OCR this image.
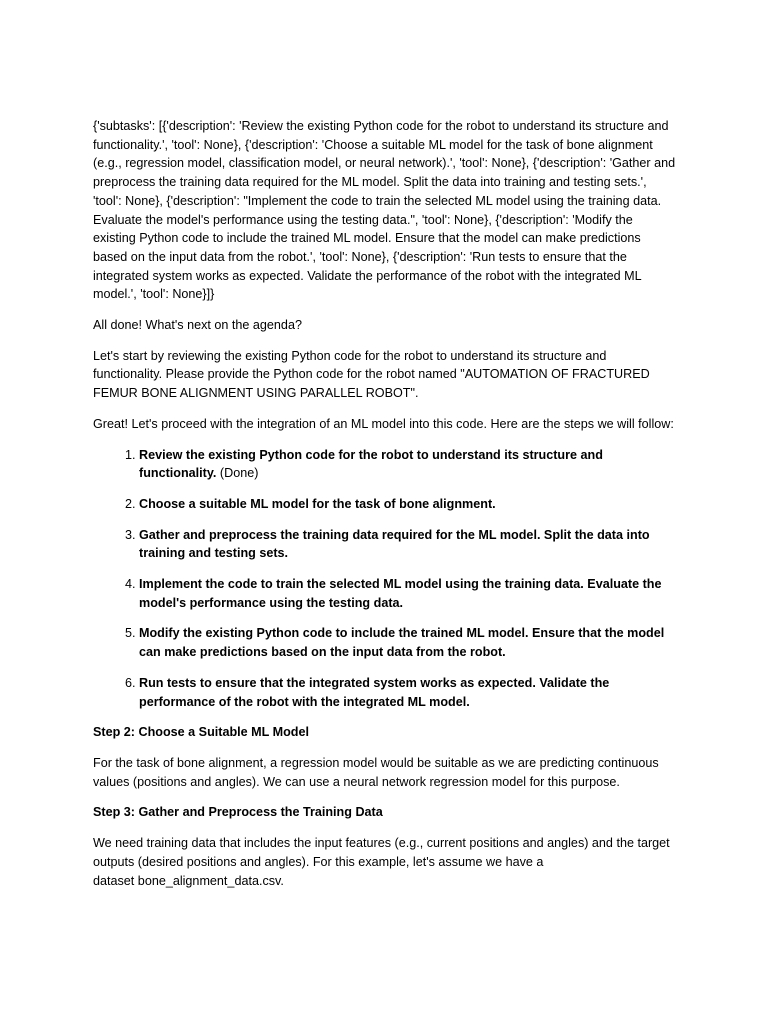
{'subtasks': [{'description': 'Review the existing Python code for the robot to understand its structure and functionality.', 'tool': None}, {'description': 'Choose a suitable ML model for the task of bone alignment (e.g., regression model, classification model, or neural network).', 'tool': None}, {'description': 'Gather and preprocess the training data required for the ML model. Split the data into training and testing sets.', 'tool': None}, {'description': "Implement the code to train the selected ML model using the training data. Evaluate the model's performance using the testing data.", 'tool': None}, {'description': 'Modify the existing Python code to include the trained ML model. Ensure that the model can make predictions based on the input data from the robot.', 'tool': None}, {'description': 'Run tests to ensure that the integrated system works as expected. Validate the performance of the robot with the integrated ML model.', 'tool': None}]}

All done! What's next on the agenda?

Let's start by reviewing the existing Python code for the robot to understand its structure and functionality. Please provide the Python code for the robot named "AUTOMATION OF FRACTURED FEMUR BONE ALIGNMENT USING PARALLEL ROBOT".

Great! Let's proceed with the integration of an ML model into this code. Here are the steps we will follow:

1. Review the existing Python code for the robot to understand its structure and functionality. (Done)
2. Choose a suitable ML model for the task of bone alignment.
3. Gather and preprocess the training data required for the ML model. Split the data into training and testing sets.
4. Implement the code to train the selected ML model using the training data. Evaluate the model's performance using the testing data.
5. Modify the existing Python code to include the trained ML model. Ensure that the model can make predictions based on the input data from the robot.
6. Run tests to ensure that the integrated system works as expected. Validate the performance of the robot with the integrated ML model.

Step 2: Choose a Suitable ML Model

For the task of bone alignment, a regression model would be suitable as we are predicting continuous values (positions and angles). We can use a neural network regression model for this purpose.

Step 3: Gather and Preprocess the Training Data

We need training data that includes the input features (e.g., current positions and angles) and the target outputs (desired positions and angles). For this example, let's assume we have a
dataset bone_alignment_data.csv.
